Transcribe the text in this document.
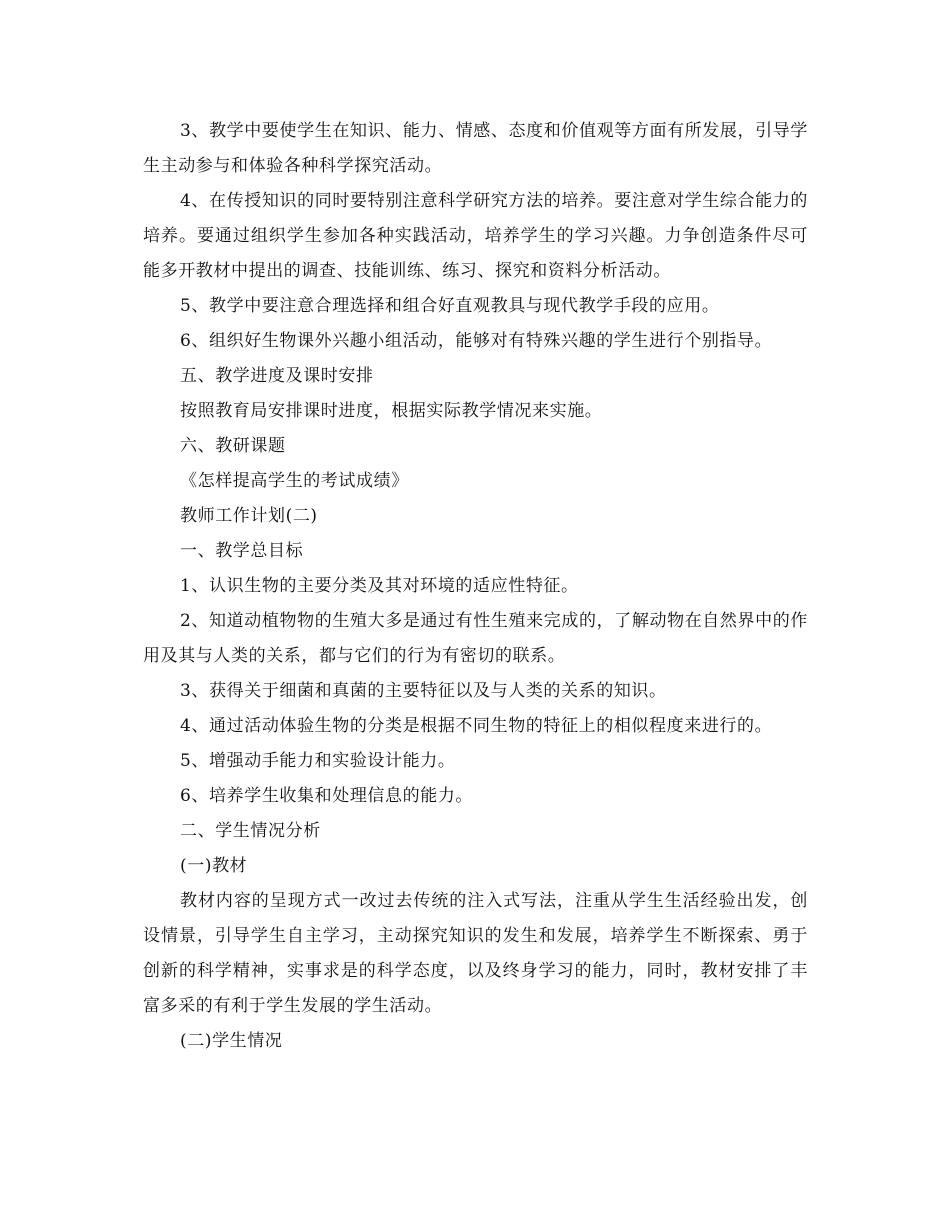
3、教学中要使学生在知识、能力、情感、态度和价值观等方面有所发展，引导学生主动参与和体验各种科学探究活动。

4、在传授知识的同时要特别注意科学研究方法的培养。要注意对学生综合能力的培养。要通过组织学生参加各种实践活动，培养学生的学习兴趣。力争创造条件尽可能多开教材中提出的调查、技能训练、练习、探究和资料分析活动。

5、教学中要注意合理选择和组合好直观教具与现代教学手段的应用。

6、组织好生物课外兴趣小组活动，能够对有特殊兴趣的学生进行个别指导。

五、教学进度及课时安排

按照教育局安排课时进度，根据实际教学情况来实施。

六、教研课题

《怎样提高学生的考试成绩》

教师工作计划(二)

一、教学总目标

1、认识生物的主要分类及其对环境的适应性特征。

2、知道动植物物的生殖大多是通过有性生殖来完成的，了解动物在自然界中的作用及其与人类的关系，都与它们的行为有密切的联系。

3、获得关于细菌和真菌的主要特征以及与人类的关系的知识。

4、通过活动体验生物的分类是根据不同生物的特征上的相似程度来进行的。

5、增强动手能力和实验设计能力。

6、培养学生收集和处理信息的能力。

二、学生情况分析

(一)教材

教材内容的呈现方式一改过去传统的注入式写法，注重从学生生活经验出发，创设情景，引导学生自主学习，主动探究知识的发生和发展，培养学生不断探索、勇于创新的科学精神，实事求是的科学态度，以及终身学习的能力，同时，教材安排了丰富多采的有利于学生发展的学生活动。

(二)学生情况
